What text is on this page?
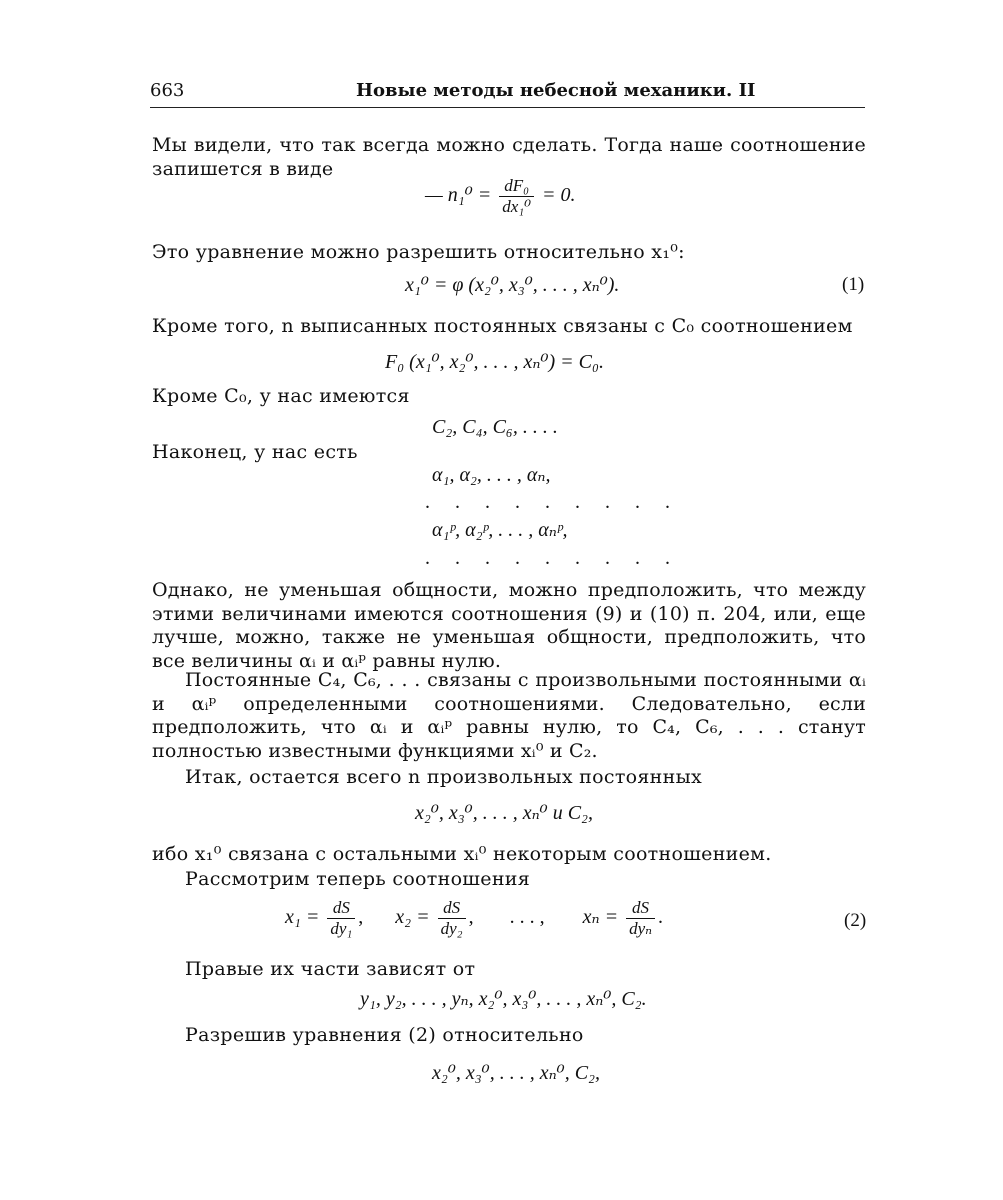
663	Новые методы небесной механики. II
Мы видели, что так всегда можно сделать. Тогда наше соотношение запишется в виде
— $n_1^0 = \frac{\text{dF₀}}{\text{dx₁⁰}} = 0$.
Это уравнение можно разрешить относительно x₁⁰:
x₁⁰ = φ (x₂⁰, x₃⁰, . . . , xₙ⁰).	(1)
Кроме того, n выписанных постоянных связаны с C₀ соотношением
F₀ (x₁⁰, x₂⁰, . . . , xₙ⁰) = C₀.
Кроме C₀, у нас имеются
C₂, C₄, C₆, . . . .
Наконец, у нас есть
α₁, α₂, . . . , αₙ,
. . . . . . . . .
α₁ᵖ, α₂ᵖ, . . . , αₙᵖ,
. . . . . . . . .
Однако, не уменьшая общности, можно предположить, что между этими величинами имеются соотношения (9) и (10) п. 204, или, еще лучше, можно, также не уменьшая общности, предположить, что все величины αᵢ и αᵢᵖ равны нулю.
Постоянные C₄, C₆, . . . связаны с произвольными постоянными αᵢ и αᵢᵖ определенными соотношениями. Следовательно, если предположить, что αᵢ и αᵢᵖ равны нулю, то C₄, C₆, . . . станут полностью известными функциями xᵢ⁰ и C₂.
Итак, остается всего n произвольных постоянных
x₂⁰, x₃⁰, . . . , xₙ⁰ и C₂,
ибо x₁⁰ связана с остальными xᵢ⁰ некоторым соотношением.
Рассмотрим теперь соотношения
$x_1 = \frac{dS}{\text{dy₁}}$ , $x_2 = \frac{dS}{\text{dy₂}}$ , . . . , $x_n = \frac{dS}{\text{dyₙ}}$ .	(2)
Правые их части зависят от
y₁, y₂, . . . , yₙ, x₂⁰, x₃⁰, . . . , xₙ⁰, C₂.
Разрешив уравнения (2) относительно
x₂⁰, x₃⁰, . . . , xₙ⁰, C₂,
